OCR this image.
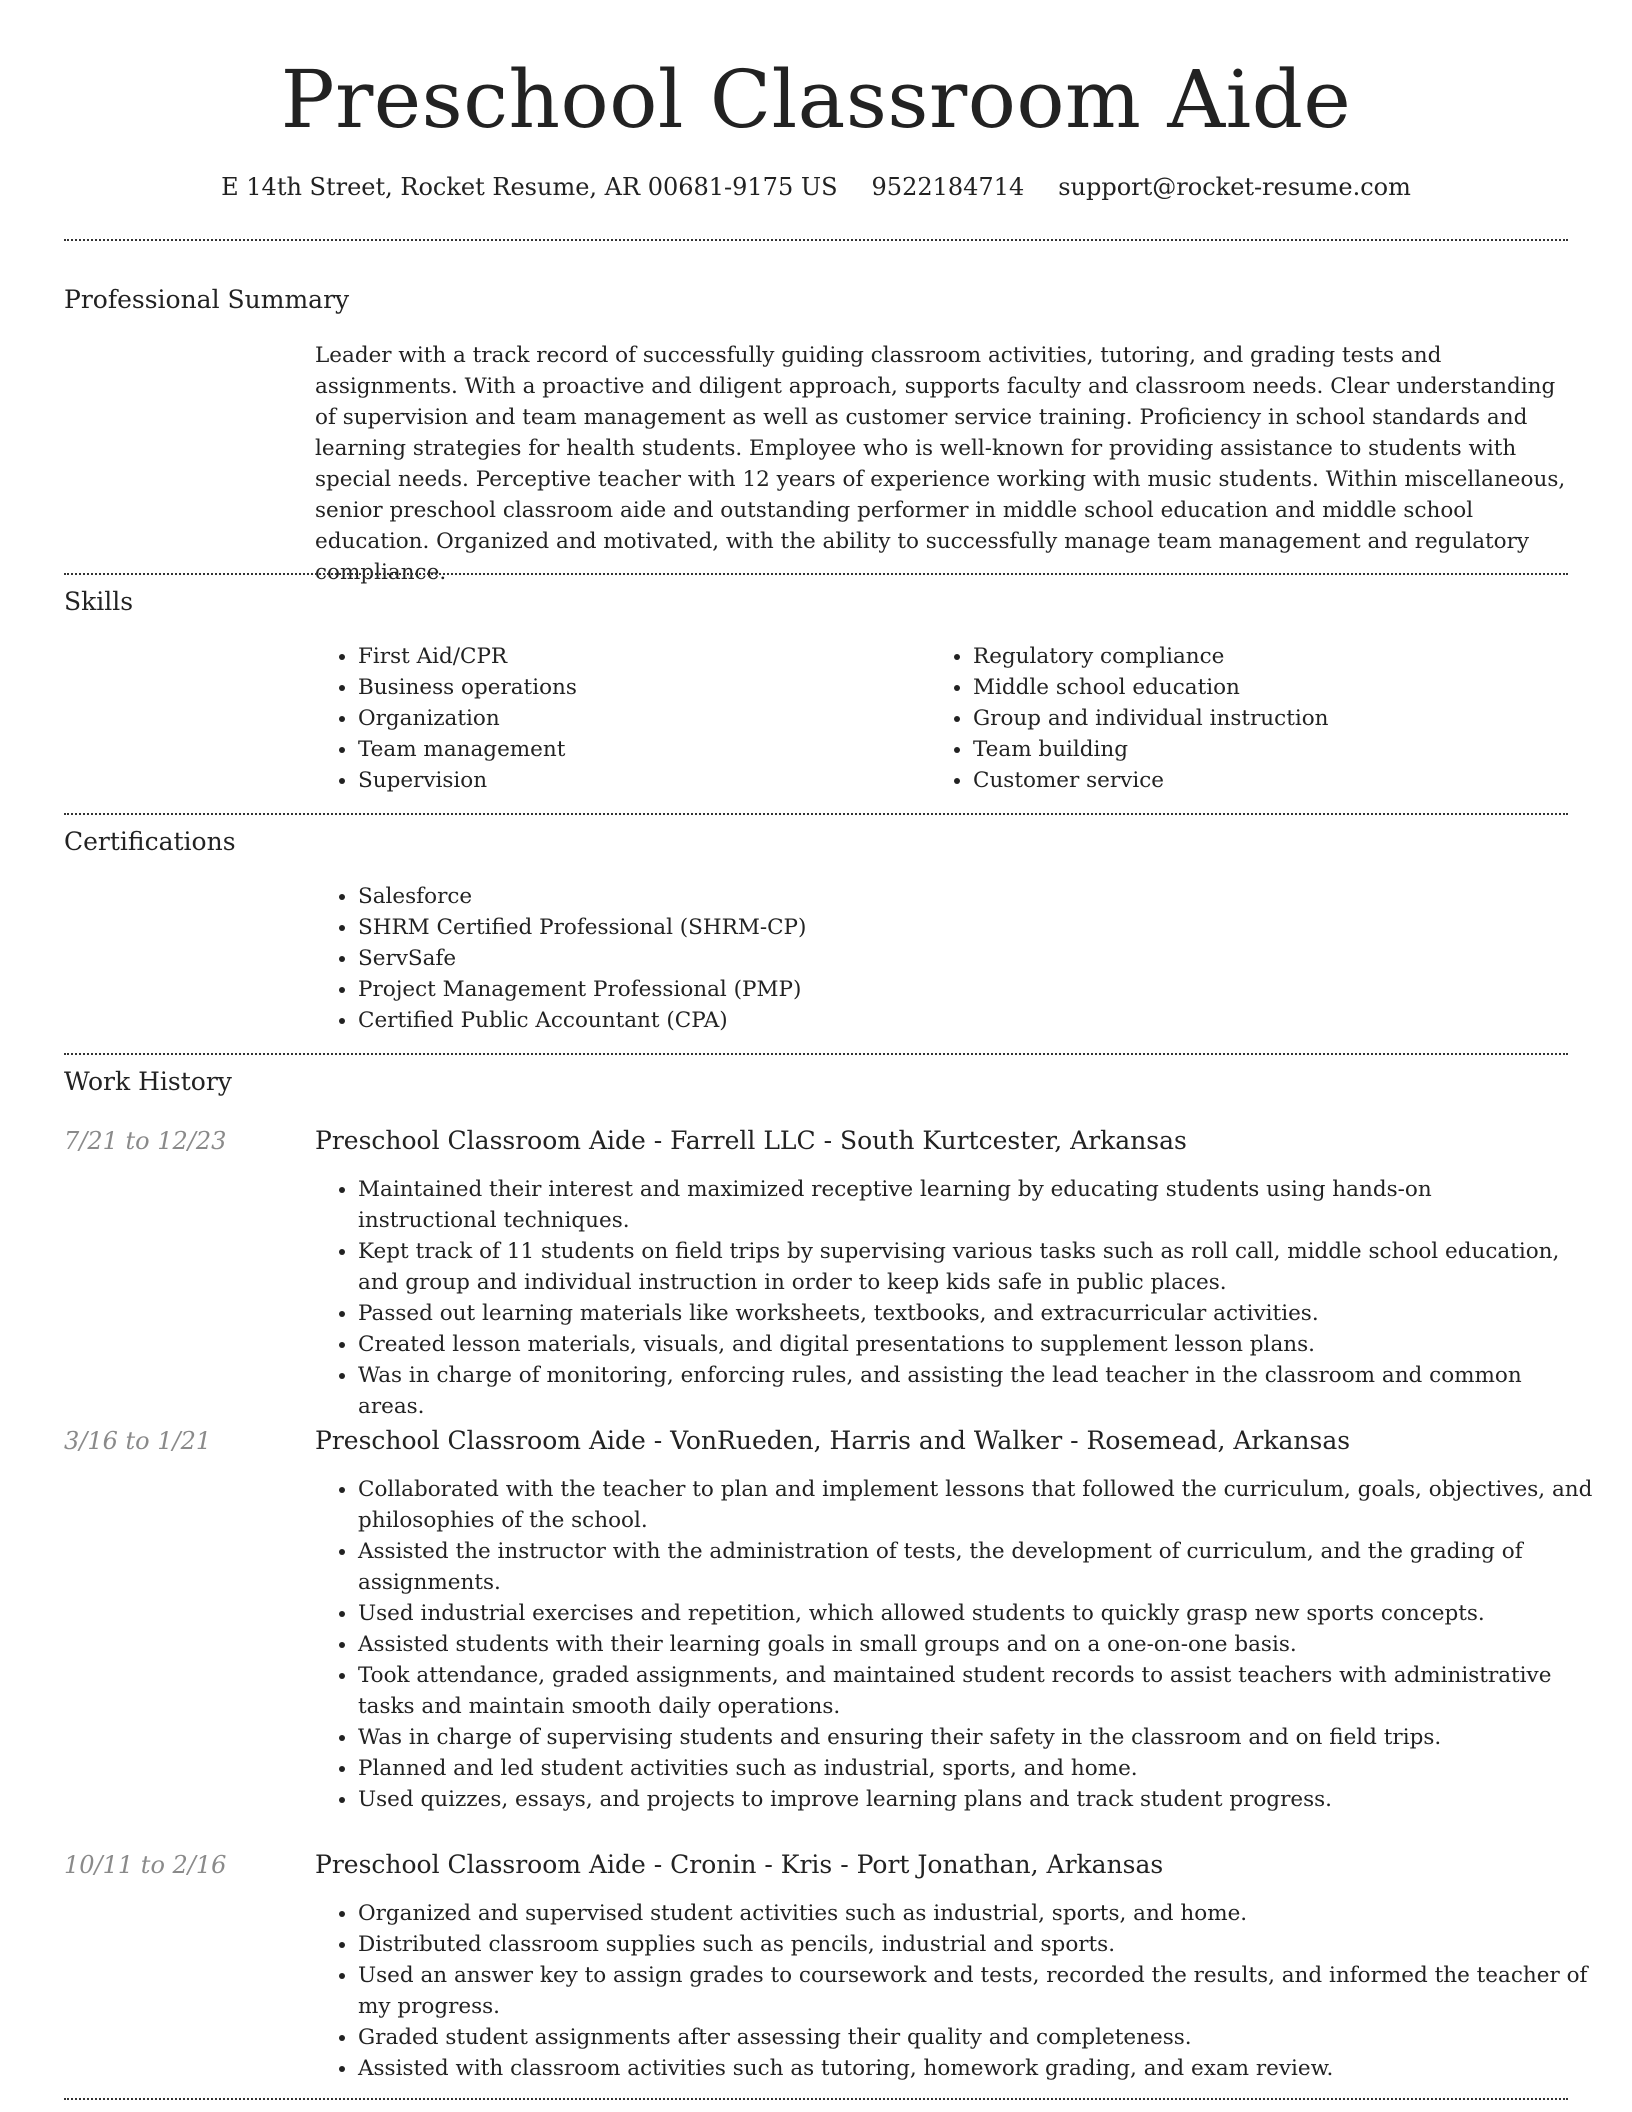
Preschool Classroom Aide
E 14th Street, Rocket Resume, AR 00681-9175 US 9522184714 support@rocket-resume.com
Professional Summary

Leader with a track record of successfully guiding classroom activities, tutoring, and grading tests and assignments. With a proactive and diligent approach, supports faculty and classroom needs. Clear understanding of supervision and team management as well as customer service training. Proficiency in school standards and learning strategies for health students. Employee who is well-known for providing assistance to students with special needs. Perceptive teacher with 12 years of experience working with music students. Within miscellaneous, senior preschool classroom aide and outstanding performer in middle school education and middle school education. Organized and motivated, with the ability to successfully manage team management and regulatory compliance.

Skills
• First Aid/CPR
• Business operations
• Organization
• Team management
• Supervision
• Regulatory compliance
• Middle school education
• Group and individual instruction
• Team building
• Customer service
Certifications
• Salesforce
• SHRM Certified Professional (SHRM-CP)
• ServSafe
• Project Management Professional (PMP)
• Certified Public Accountant (CPA)
Work History
7/21 to 12/23	Preschool Classroom Aide - Farrell LLC - South Kurtcester, Arkansas
• Maintained their interest and maximized receptive learning by educating students using hands-on instructional techniques.
• Kept track of 11 students on field trips by supervising various tasks such as roll call, middle school education, and group and individual instruction in order to keep kids safe in public places.
• Passed out learning materials like worksheets, textbooks, and extracurricular activities.
• Created lesson materials, visuals, and digital presentations to supplement lesson plans.
• Was in charge of monitoring, enforcing rules, and assisting the lead teacher in the classroom and common areas.
3/16 to 1/21	Preschool Classroom Aide - VonRueden, Harris and Walker - Rosemead, Arkansas
• Collaborated with the teacher to plan and implement lessons that followed the curriculum, goals, objectives, and philosophies of the school.
• Assisted the instructor with the administration of tests, the development of curriculum, and the grading of assignments.
• Used industrial exercises and repetition, which allowed students to quickly grasp new sports concepts.
• Assisted students with their learning goals in small groups and on a one-on-one basis.
• Took attendance, graded assignments, and maintained student records to assist teachers with administrative tasks and maintain smooth daily operations.
• Was in charge of supervising students and ensuring their safety in the classroom and on field trips.
• Planned and led student activities such as industrial, sports, and home.
• Used quizzes, essays, and projects to improve learning plans and track student progress.
10/11 to 2/16	Preschool Classroom Aide - Cronin - Kris - Port Jonathan, Arkansas
• Organized and supervised student activities such as industrial, sports, and home.
• Distributed classroom supplies such as pencils, industrial and sports.
• Used an answer key to assign grades to coursework and tests, recorded the results, and informed the teacher of my progress.
• Graded student assignments after assessing their quality and completeness.
• Assisted with classroom activities such as tutoring, homework grading, and exam review.
